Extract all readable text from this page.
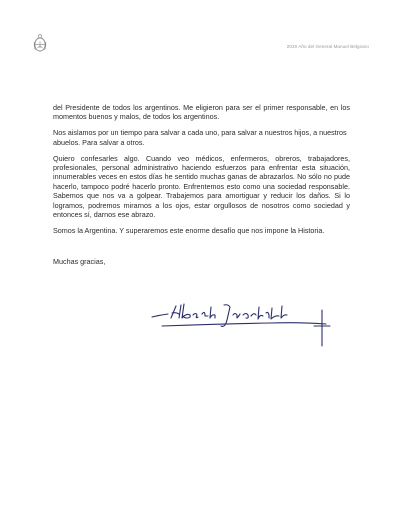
2020 Año del General Manuel Belgrano

del Presidente de todos los argentinos. Me eligieron para ser el primer responsable, en los momentos buenos y malos, de todos los argentinos.

Nos aislamos por un tiempo para salvar a cada uno, para salvar a nuestros hijos, a nuestros abuelos. Para salvar a otros.

Quiero confesarles algo. Cuando veo médicos, enfermeros, obreros, trabajadores, profesionales, personal administrativo haciendo esfuerzos para enfrentar esta situación, innumerables veces en estos días he sentido muchas ganas de abrazarlos. No sólo no pude hacerlo, tampoco podré hacerlo pronto. Enfrentemos esto como una sociedad responsable. Sabemos que nos va a golpear. Trabajemos para amortiguar y reducir los daños. Si lo logramos, podremos mirarnos a los ojos, estar orgullosos de nosotros como sociedad y entonces sí, darnos ese abrazo.

Somos la Argentina. Y superaremos este enorme desafío que nos impone la Historia.

Muchas gracias,
